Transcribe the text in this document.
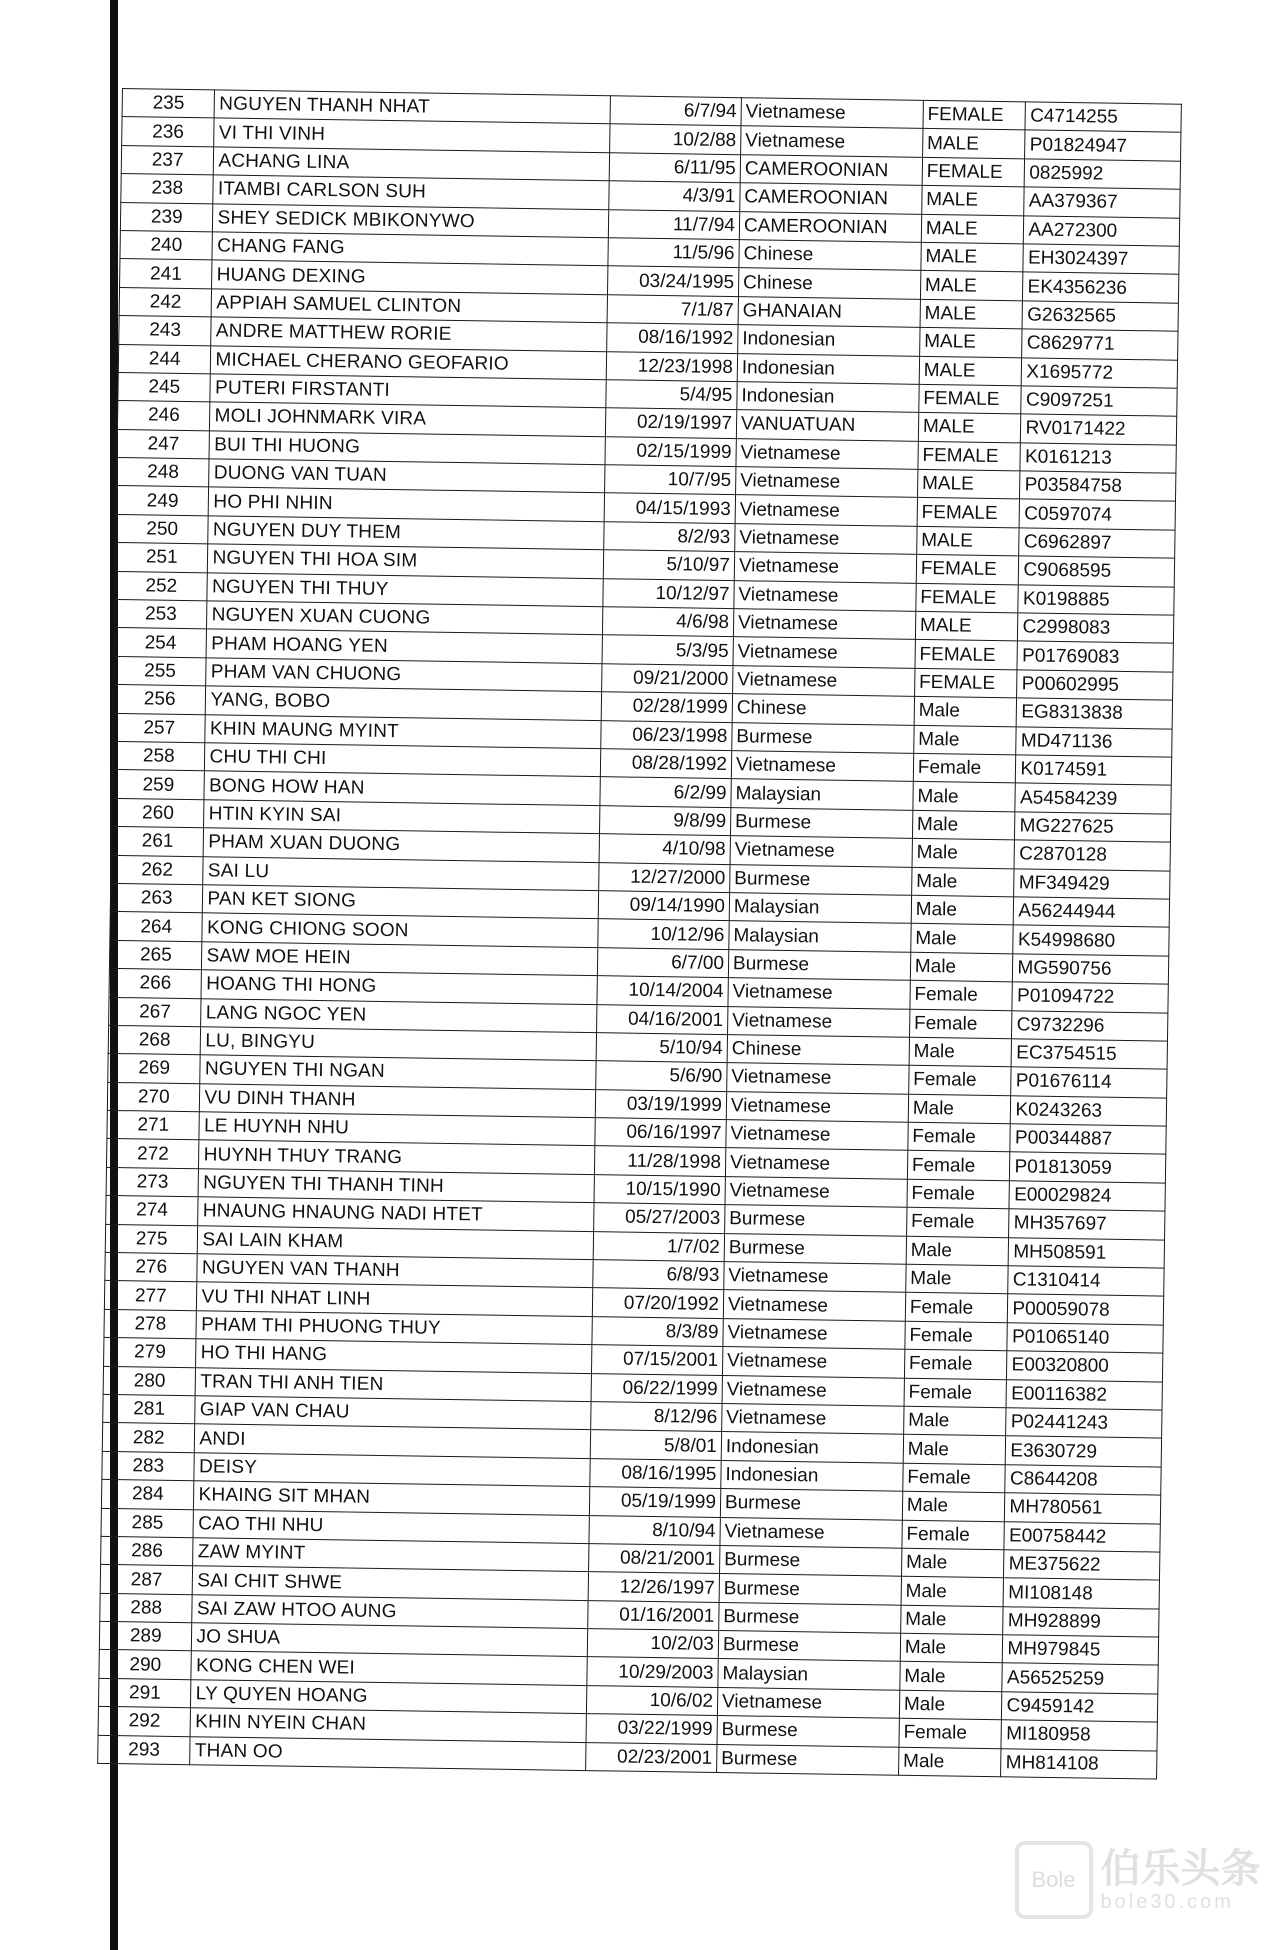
235	NGUYEN THANH NHAT	6/7/94	Vietnamese	FEMALE	C4714255
236	VI THI VINH	10/2/88	Vietnamese	MALE	P01824947
237	ACHANG LINA	6/11/95	CAMEROONIAN	FEMALE	0825992
238	ITAMBI CARLSON SUH	4/3/91	CAMEROONIAN	MALE	AA379367
239	SHEY SEDICK MBIKONYWO	11/7/94	CAMEROONIAN	MALE	AA272300
240	CHANG FANG	11/5/96	Chinese	MALE	EH3024397
241	HUANG DEXING	03/24/1995	Chinese	MALE	EK4356236
242	APPIAH SAMUEL CLINTON	7/1/87	GHANAIAN	MALE	G2632565
243	ANDRE MATTHEW RORIE	08/16/1992	Indonesian	MALE	C8629771
244	MICHAEL CHERANO GEOFARIO	12/23/1998	Indonesian	MALE	X1695772
245	PUTERI FIRSTANTI	5/4/95	Indonesian	FEMALE	C9097251
246	MOLI JOHNMARK VIRA	02/19/1997	VANUATUAN	MALE	RV0171422
247	BUI THI HUONG	02/15/1999	Vietnamese	FEMALE	K0161213
248	DUONG VAN TUAN	10/7/95	Vietnamese	MALE	P03584758
249	HO PHI NHIN	04/15/1993	Vietnamese	FEMALE	C0597074
250	NGUYEN DUY THEM	8/2/93	Vietnamese	MALE	C6962897
251	NGUYEN THI HOA SIM	5/10/97	Vietnamese	FEMALE	C9068595
252	NGUYEN THI THUY	10/12/97	Vietnamese	FEMALE	K0198885
253	NGUYEN XUAN CUONG	4/6/98	Vietnamese	MALE	C2998083
254	PHAM HOANG YEN	5/3/95	Vietnamese	FEMALE	P01769083
255	PHAM VAN CHUONG	09/21/2000	Vietnamese	FEMALE	P00602995
256	YANG, BOBO	02/28/1999	Chinese	Male	EG8313838
257	KHIN MAUNG MYINT	06/23/1998	Burmese	Male	MD471136
258	CHU THI CHI	08/28/1992	Vietnamese	Female	K0174591
259	BONG HOW HAN	6/2/99	Malaysian	Male	A54584239
260	HTIN KYIN SAI	9/8/99	Burmese	Male	MG227625
261	PHAM XUAN DUONG	4/10/98	Vietnamese	Male	C2870128
262	SAI LU	12/27/2000	Burmese	Male	MF349429
263	PAN KET SIONG	09/14/1990	Malaysian	Male	A56244944
264	KONG CHIONG SOON	10/12/96	Malaysian	Male	K54998680
265	SAW MOE HEIN	6/7/00	Burmese	Male	MG590756
266	HOANG THI HONG	10/14/2004	Vietnamese	Female	P01094722
267	LANG NGOC YEN	04/16/2001	Vietnamese	Female	C9732296
268	LU, BINGYU	5/10/94	Chinese	Male	EC3754515
269	NGUYEN THI NGAN	5/6/90	Vietnamese	Female	P01676114
270	VU DINH THANH	03/19/1999	Vietnamese	Male	K0243263
271	LE HUYNH NHU	06/16/1997	Vietnamese	Female	P00344887
272	HUYNH THUY TRANG	11/28/1998	Vietnamese	Female	P01813059
273	NGUYEN THI THANH TINH	10/15/1990	Vietnamese	Female	E00029824
274	HNAUNG HNAUNG NADI HTET	05/27/2003	Burmese	Female	MH357697
275	SAI LAIN KHAM	1/7/02	Burmese	Male	MH508591
276	NGUYEN VAN THANH	6/8/93	Vietnamese	Male	C1310414
277	VU THI NHAT LINH	07/20/1992	Vietnamese	Female	P00059078
278	PHAM THI PHUONG THUY	8/3/89	Vietnamese	Female	P01065140
279	HO THI HANG	07/15/2001	Vietnamese	Female	E00320800
280	TRAN THI ANH TIEN	06/22/1999	Vietnamese	Female	E00116382
281	GIAP VAN CHAU	8/12/96	Vietnamese	Male	P02441243
282	ANDI	5/8/01	Indonesian	Male	E3630729
283	DEISY	08/16/1995	Indonesian	Female	C8644208
284	KHAING SIT MHAN	05/19/1999	Burmese	Male	MH780561
285	CAO THI NHU	8/10/94	Vietnamese	Female	E00758442
286	ZAW MYINT	08/21/2001	Burmese	Male	ME375622
287	SAI CHIT SHWE	12/26/1997	Burmese	Male	MI108148
288	SAI ZAW HTOO AUNG	01/16/2001	Burmese	Male	MH928899
289	JO SHUA	10/2/03	Burmese	Male	MH979845
290	KONG CHEN WEI	10/29/2003	Malaysian	Male	A56525259
291	LY QUYEN HOANG	10/6/02	Vietnamese	Male	C9459142
292	KHIN NYEIN CHAN	03/22/1999	Burmese	Female	MI180958
293	THAN OO	02/23/2001	Burmese	Male	MH814108
Bole 伯乐头条
bole30.com
